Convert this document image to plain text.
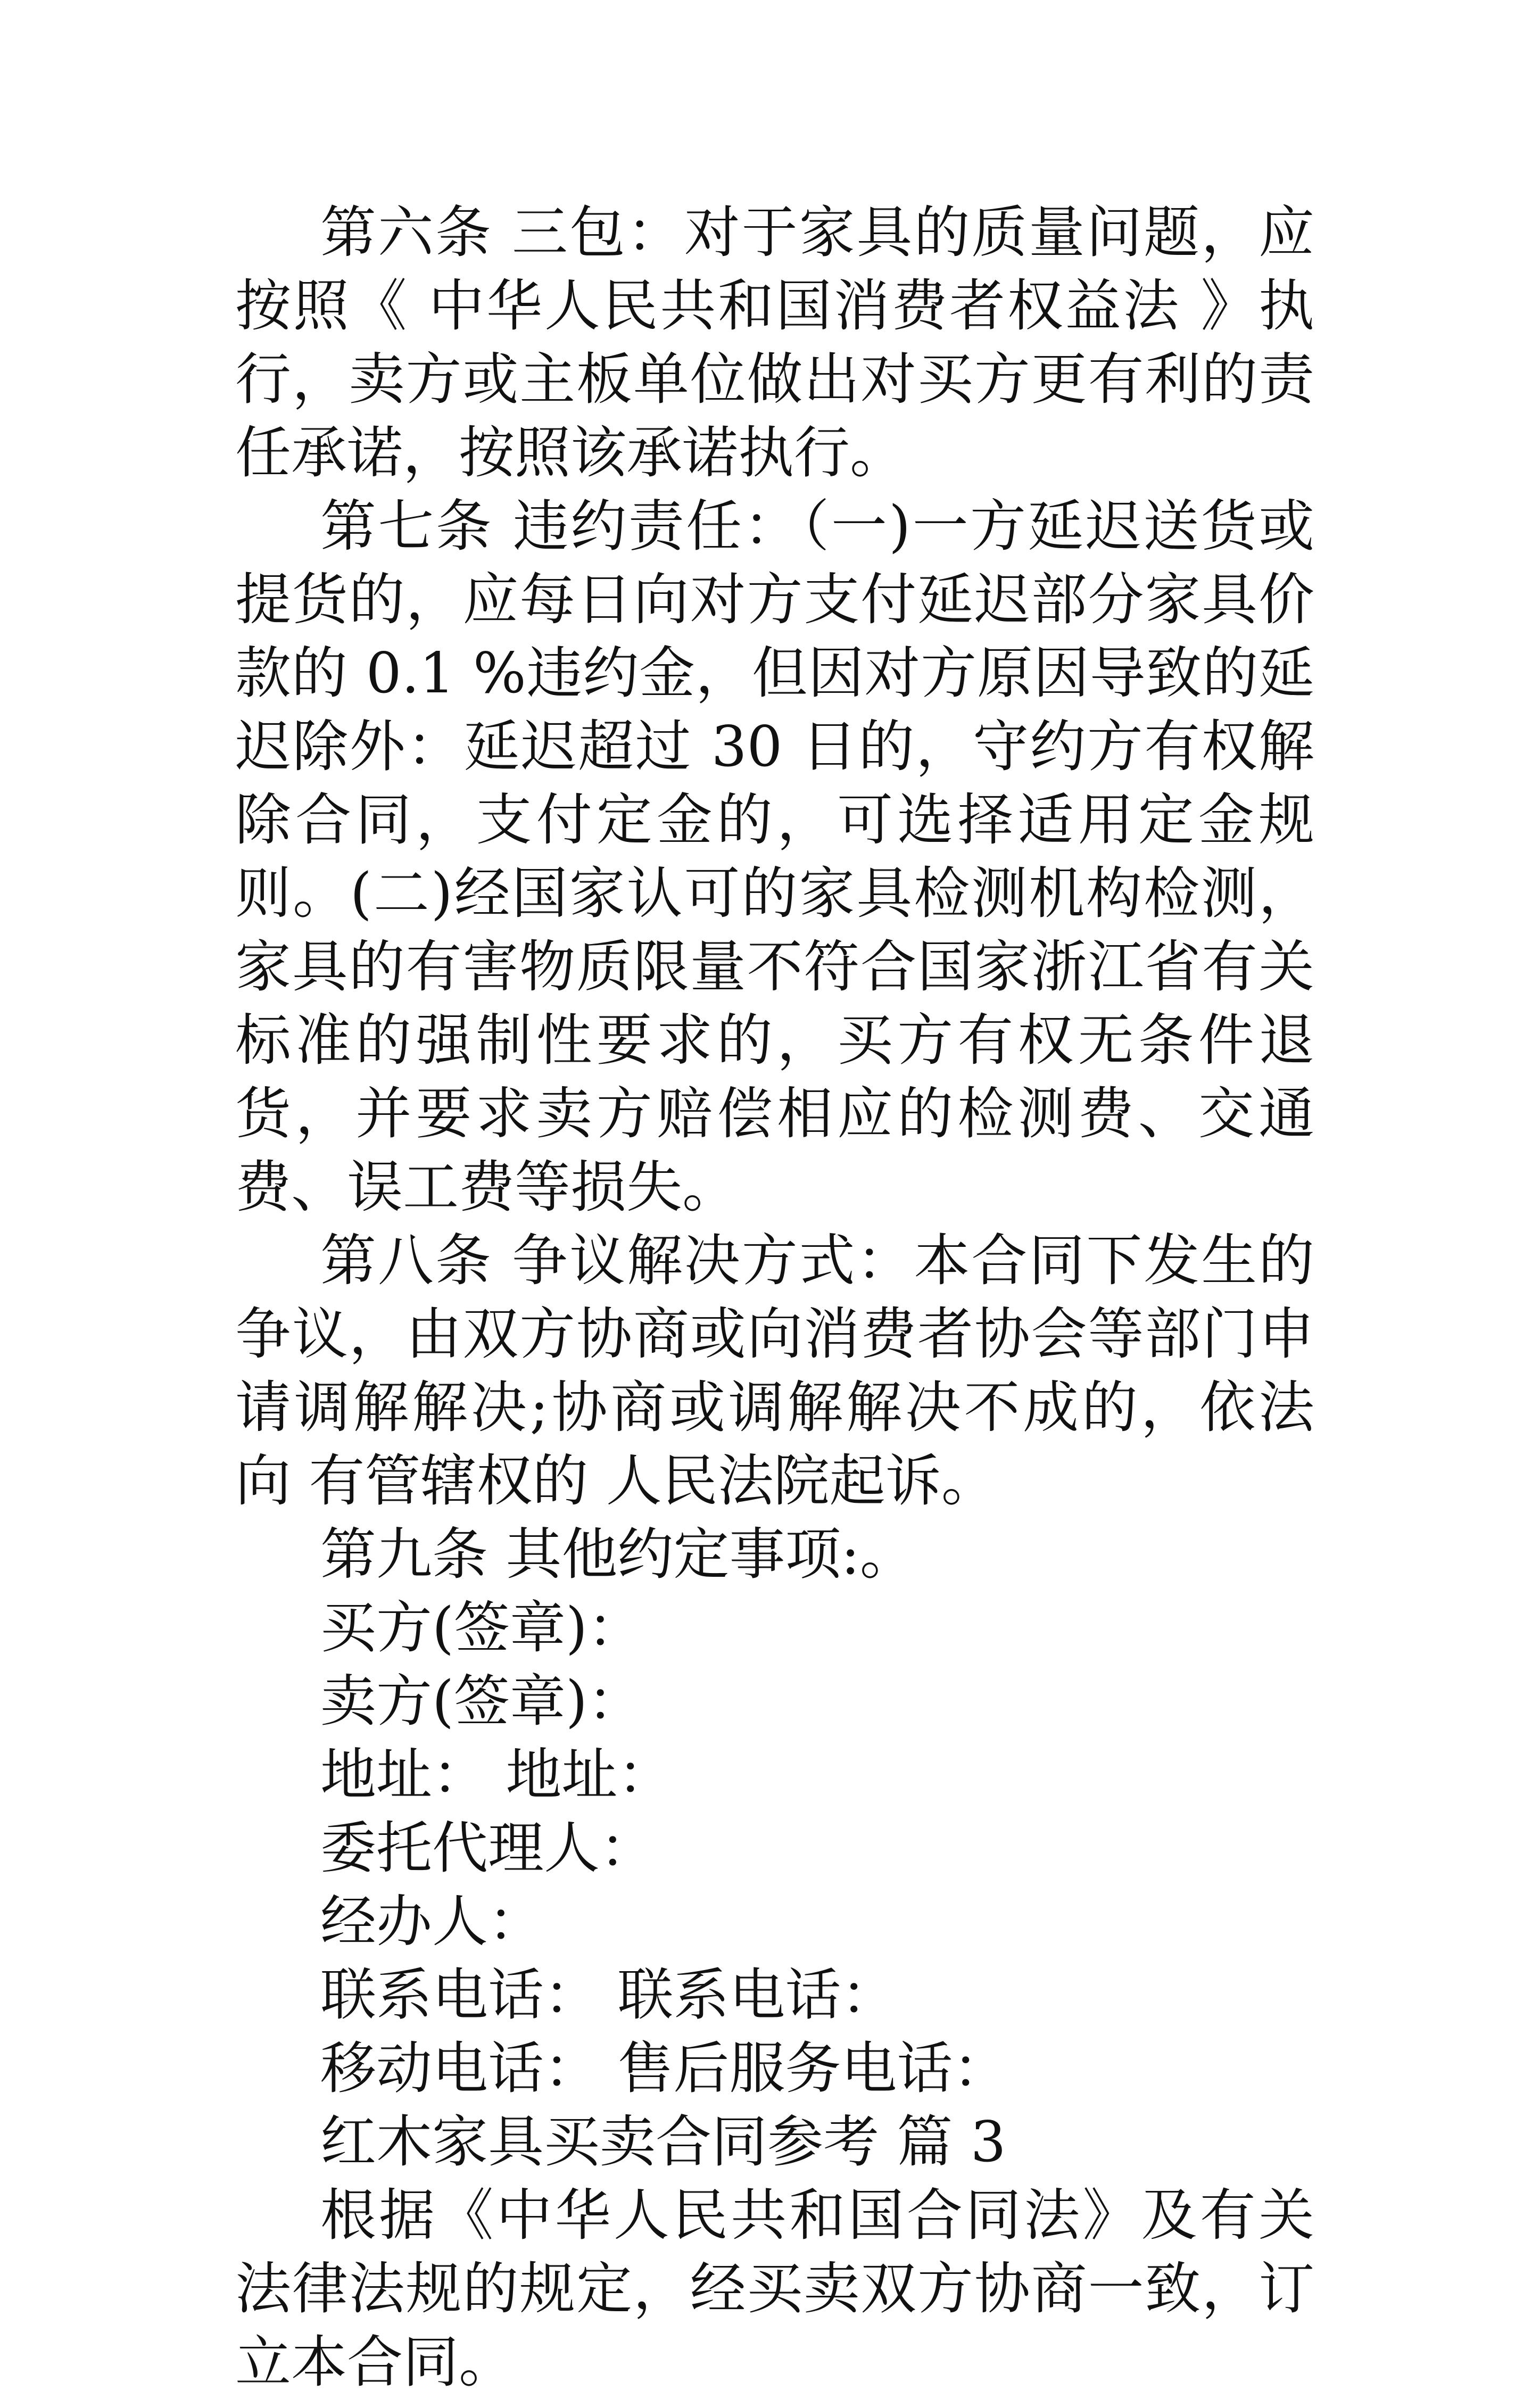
第六条 三包：对于家具的质量问题，应按照《 中华人民共和国消费者权益法 》执行，卖方或主板单位做出对买方更有利的责任承诺，按照该承诺执行。

第七条 违约责任：（一)一方延迟送货或提货的，应每日向对方支付延迟部分家具价款的 0.1 %违约金，但因对方原因导致的延迟除外：延迟超过 30 日的，守约方有权解除合同，支付定金的，可选择适用定金规则。(二)经国家认可的家具检测机构检测，家具的有害物质限量不符合国家浙江省有关标准的强制性要求的，买方有权无条件退货，并要求卖方赔偿相应的检测费、交通费、误工费等损失。

第八条 争议解决方式：本合同下发生的争议，由双方协商或向消费者协会等部门申请调解解决;协商或调解解决不成的，依法向 有管辖权的 人民法院起诉。

第九条 其他约定事项:。

买方(签章)：

卖方(签章)：

地址： 地址：

委托代理人：

经办人：

联系电话： 联系电话：

移动电话： 售后服务电话：

红木家具买卖合同参考 篇 3

根据《中华人民共和国合同法》及有关法律法规的规定，经买卖双方协商一致，订立本合同。
